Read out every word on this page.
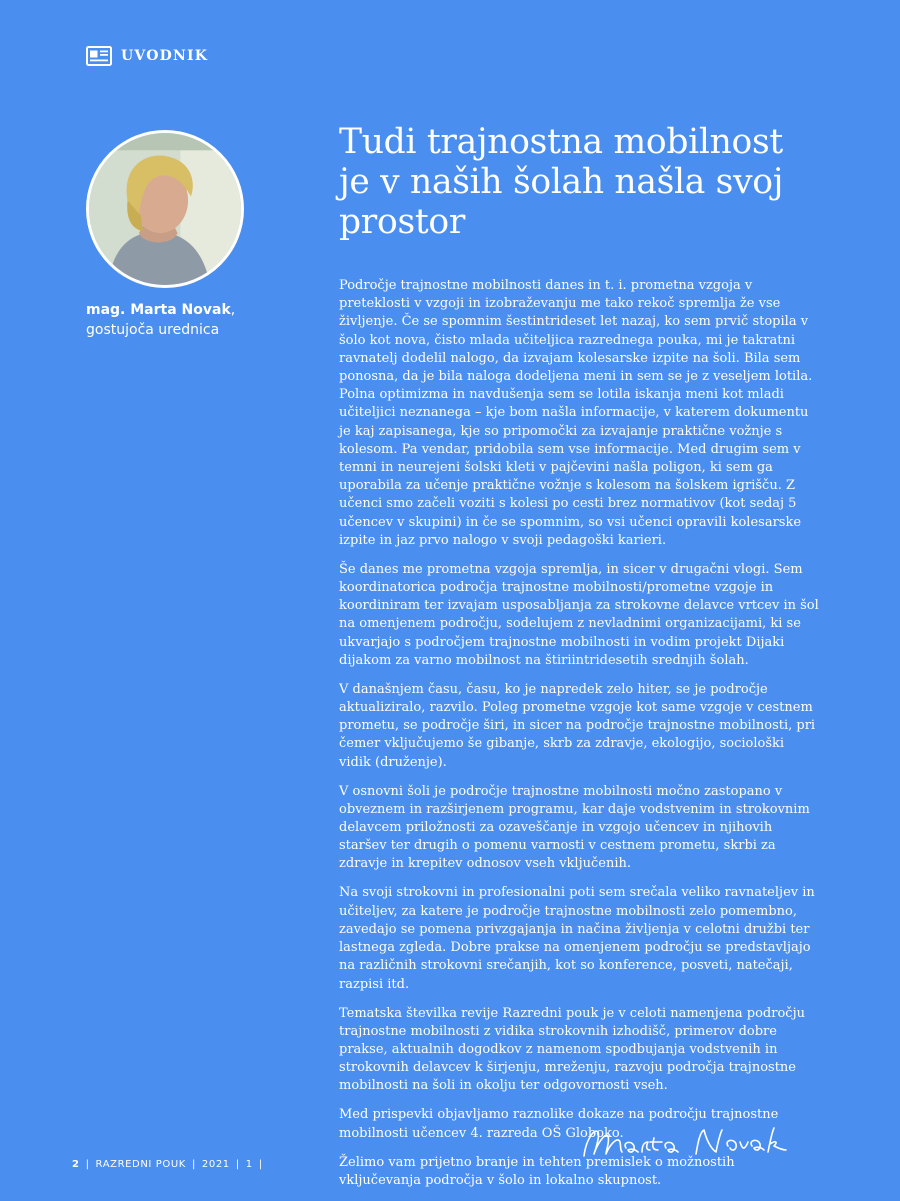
UVODNIK
mag. Marta Novak,
gostujoča urednica
Tudi trajnostna mobilnost je v naših šolah našla svoj prostor

Področje trajnostne mobilnosti danes in t. i. prometna vzgoja v preteklosti v vzgoji in izobraževanju me tako rekoč spremlja že vse življenje. Če se spomnim šestintrideset let nazaj, ko sem prvič stopila v šolo kot nova, čisto mlada učiteljica razrednega pouka, mi je takratni ravnatelj dodelil nalogo, da izvajam kolesarske izpite na šoli. Bila sem ponosna, da je bila naloga dodeljena meni in sem se je z veseljem lotila. Polna optimizma in navdušenja sem se lotila iskanja meni kot mladi učiteljici neznanega – kje bom našla informacije, v katerem dokumentu je kaj zapisanega, kje so pripomočki za izvajanje praktične vožnje s kolesom. Pa vendar, pridobila sem vse informacije. Med drugim sem v temni in neurejeni šolski kleti v pajčevini našla poligon, ki sem ga uporabila za učenje praktične vožnje s kolesom na šolskem igrišču. Z učenci smo začeli voziti s kolesi po cesti brez normativov (kot sedaj 5 učencev v skupini) in če se spomnim, so vsi učenci opravili kolesarske izpite in jaz prvo nalogo v svoji pedagoški karieri.

Še danes me prometna vzgoja spremlja, in sicer v drugačni vlogi. Sem koordinatorica področja trajnostne mobilnosti/prometne vzgoje in koordiniram ter izvajam usposabljanja za strokovne delavce vrtcev in šol na omenjenem področju, sodelujem z nevladnimi organizacijami, ki se ukvarjajo s področjem trajnostne mobilnosti in vodim projekt Dijaki dijakom za varno mobilnost na štiriintridesetih srednjih šolah.

V današnjem času, času, ko je napredek zelo hiter, se je področje aktualiziralo, razvilo. Poleg prometne vzgoje kot same vzgoje v cestnem prometu, se področje širi, in sicer na področje trajnostne mobilnosti, pri čemer vključujemo še gibanje, skrb za zdravje, ekologijo, sociološki vidik (druženje).

V osnovni šoli je področje trajnostne mobilnosti močno zastopano v obveznem in razširjenem programu, kar daje vodstvenim in strokovnim delavcem priložnosti za ozaveščanje in vzgojo učencev in njihovih staršev ter drugih o pomenu varnosti v cestnem prometu, skrbi za zdravje in krepitev odnosov vseh vključenih.

Na svoji strokovni in profesionalni poti sem srečala veliko ravnateljev in učiteljev, za katere je področje trajnostne mobilnosti zelo pomembno, zavedajo se pomena privzgajanja in načina življenja v celotni družbi ter lastnega zgleda. Dobre prakse na omenjenem področju se predstavljajo na različnih strokovni srečanjih, kot so konference, posveti, natečaji, razpisi itd.

Tematska številka revije Razredni pouk je v celoti namenjena področju trajnostne mobilnosti z vidika strokovnih izhodišč, primerov dobre prakse, aktualnih dogodkov z namenom spodbujanja vodstvenih in strokovnih delavcev k širjenju, mreženju, razvoju področja trajnostne mobilnosti na šoli in okolju ter odgovornosti vseh.

Med prispevki objavljamo raznolike dokaze na področju trajnostne mobilnosti učencev 4. razreda OŠ Globoko.

Želimo vam prijetno branje in tehten premislek o možnostih vključevanja področja v šolo in lokalno skupnost.

2 | RAZREDNI POUK | 2021 | 1 |
